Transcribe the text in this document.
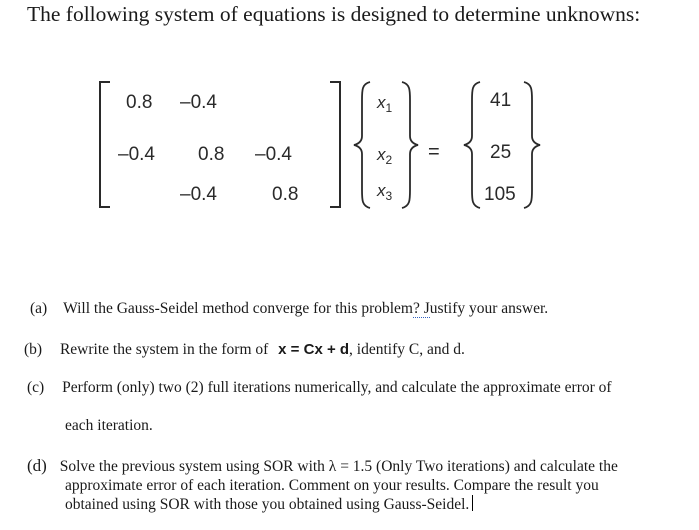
The following system of equations is designed to determine unknowns:
0.8 –0.4
–0.4 0.8 –0.4
–0.4	0.8
$x_1$
$x_2$
$x_3$
=
41
25
105
(a) Will the Gauss-Seidel method converge for this problem? Justify your answer.
(b) Rewrite the system in the form of x = Cx + d, identify C, and d.
(c) Perform (only) two (2) full iterations numerically, and calculate the approximate error of
each iteration.
(d) Solve the previous system using SOR with λ = 1.5 (Only Two iterations) and calculate the
approximate error of each iteration. Comment on your results. Compare the result you
obtained using SOR with those you obtained using Gauss-Seidel.
